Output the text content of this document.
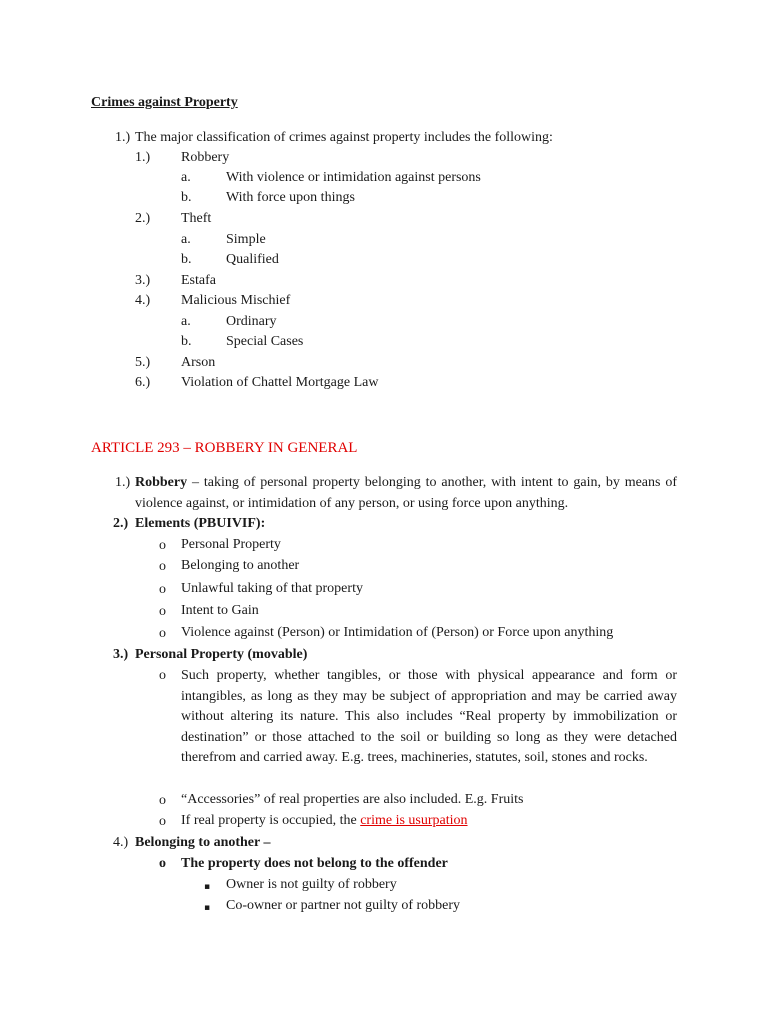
Crimes against Property
1.) The major classification of crimes against property includes the following:
1.) Robbery
a.	With violence or intimidation against persons
b. With force upon things
2.) Theft
a.	Simple
b. Qualified
3.) Estafa
4.) Malicious Mischief
a.	Ordinary
b. Special Cases
5.) Arson
6.) Violation of Chattel Mortgage Law
ARTICLE 293 – ROBBERY IN GENERAL
1.) Robbery – taking of personal property belonging to another, with intent to gain, by means of violence against, or intimidation of any person, or using force upon anything.
2.) Elements (PBUIVIF):
o Personal Property
o Belonging to another
o Unlawful taking of that property
o Intent to Gain
o Violence against (Person) or Intimidation of (Person) or Force upon anything
3.) Personal Property (movable)
o Such property, whether tangibles, or those with physical appearance and form or intangibles, as long as they may be subject of appropriation and may be carried away without altering its nature. This also includes “Real property by immobilization or destination” or those attached to the soil or building so long as they were detached therefrom and carried away. E.g. trees, machineries, statutes, soil, stones and rocks.
o “Accessories” of real properties are also included. E.g. Fruits
o If real property is occupied, the crime is usurpation
4.) Belonging to another –
o The property does not belong to the offender
▪ Owner is not guilty of robbery
▪ Co-owner or partner not guilty of robbery
